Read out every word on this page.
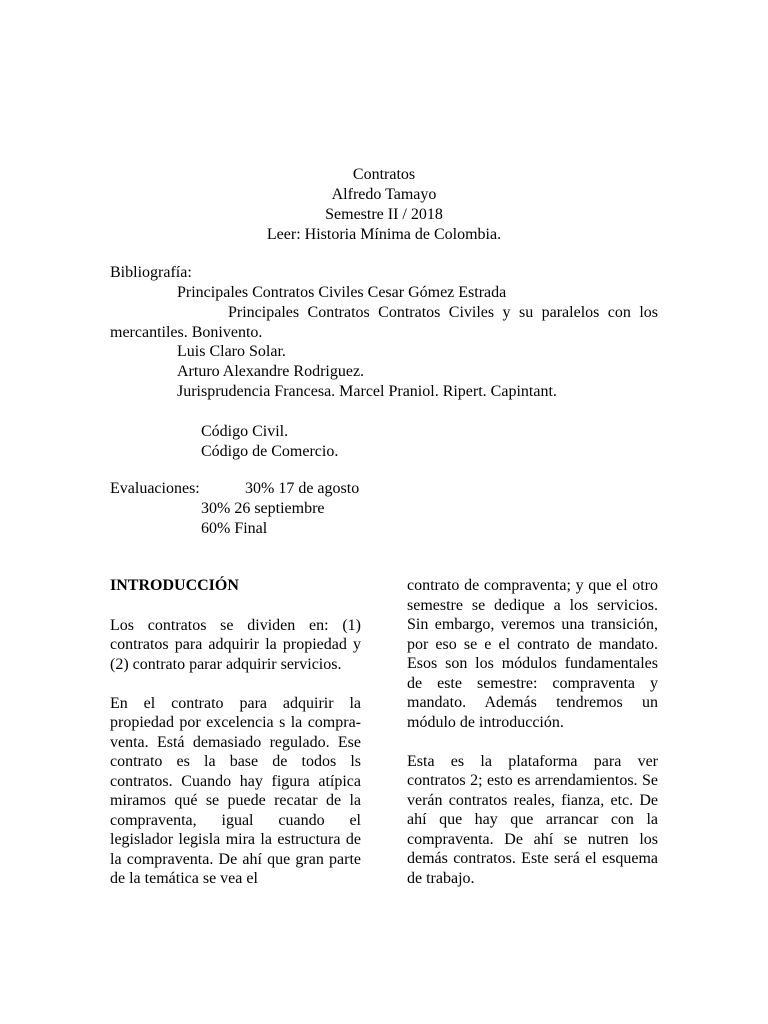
Contratos
Alfredo Tamayo
Semestre II / 2018
Leer: Historia Mínima de Colombia.
Bibliografía:
Principales Contratos Civiles Cesar Gómez Estrada

Principales Contratos Contratos Civiles y su paralelos con los mercantiles. Bonivento.

Luis Claro Solar.
Arturo Alexandre Rodriguez.
Jurisprudencia Francesa. Marcel Praniol. Ripert. Capintant.
Código Civil.
Código de Comercio.
Evaluaciones:	30% 17 de agosto
30% 26 septiembre
60% Final
INTRODUCCIÓN

Los contratos se dividen en: (1) contratos para adquirir la propiedad y (2) contrato parar adquirir servicios.

En el contrato para adquirir la propiedad por excelencia s la compra-venta. Está demasiado regulado. Ese contrato es la base de todos ls contratos. Cuando hay figura atípica miramos qué se puede recatar de la compraventa, igual cuando el legislador legisla mira la estructura de la compraventa. De ahí que gran parte de la temática se vea el

contrato de compraventa; y que el otro semestre se dedique a los servicios. Sin embargo, veremos una transición, por eso se e el contrato de mandato. Esos son los módulos fundamentales de este semestre: compraventa y mandato. Además tendremos un módulo de introducción.

Esta es la plataforma para ver contratos 2; esto es arrendamientos. Se verán contratos reales, fianza, etc. De ahí que hay que arrancar con la compraventa. De ahí se nutren los demás contratos. Este será el esquema de trabajo.
